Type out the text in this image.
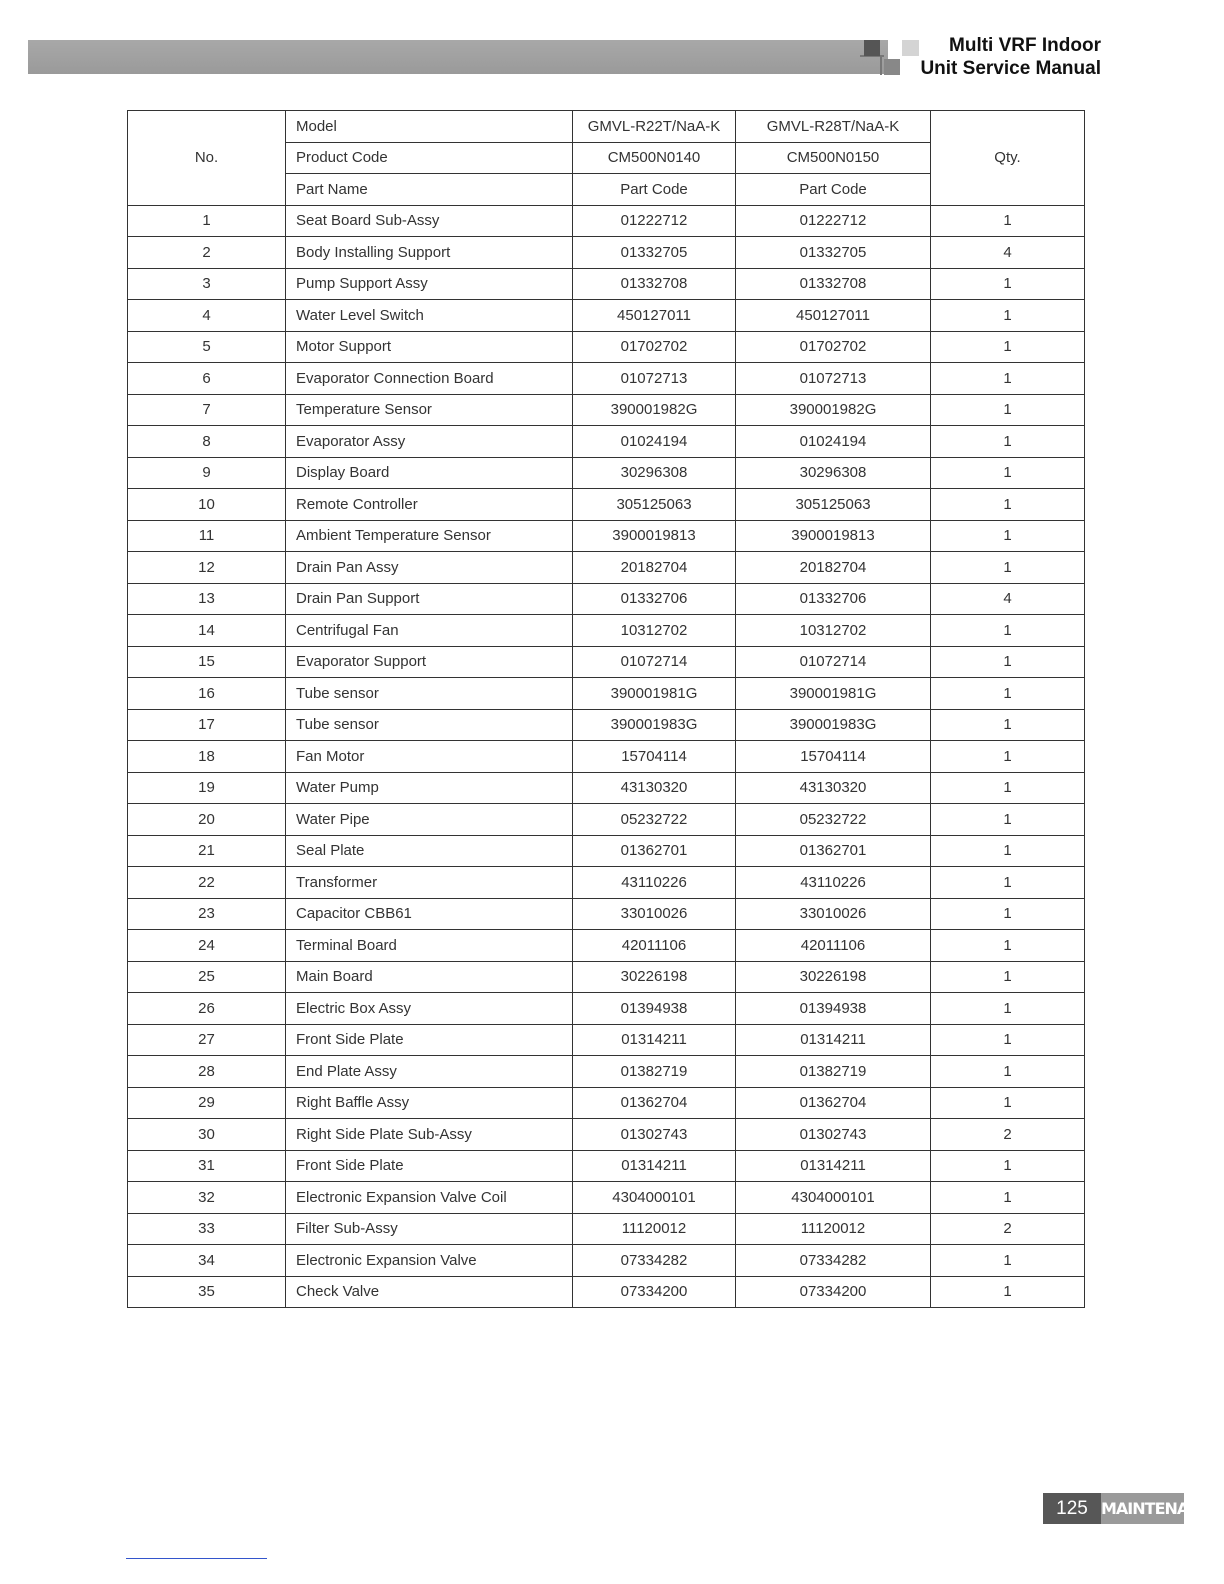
Multi VRF Indoor
Unit Service Manual
No.	Model	GMVL-R22T/NaA-K	GMVL-R28T/NaA-K	Qty.
	Product Code	CM500N0140	CM500N0150	
	Part Name	Part Code	Part Code	
1	Seat Board Sub-Assy	01222712	01222712	1
2	Body Installing Support	01332705	01332705	4
3	Pump Support Assy	01332708	01332708	1
4	Water Level Switch	450127011	450127011	1
5	Motor Support	01702702	01702702	1
6	Evaporator Connection Board	01072713	01072713	1
7	Temperature Sensor	390001982G	390001982G	1
8	Evaporator Assy	01024194	01024194	1
9	Display Board	30296308	30296308	1
10	Remote Controller	305125063	305125063	1
11	Ambient Temperature Sensor	3900019813	3900019813	1
12	Drain Pan Assy	20182704	20182704	1
13	Drain Pan Support	01332706	01332706	4
14	Centrifugal Fan	10312702	10312702	1
15	Evaporator Support	01072714	01072714	1
16	Tube sensor	390001981G	390001981G	1
17	Tube sensor	390001983G	390001983G	1
18	Fan Motor	15704114	15704114	1
19	Water Pump	43130320	43130320	1
20	Water Pipe	05232722	05232722	1
21	Seal Plate	01362701	01362701	1
22	Transformer	43110226	43110226	1
23	Capacitor CBB61	33010026	33010026	1
24	Terminal Board	42011106	42011106	1
25	Main Board	30226198	30226198	1
26	Electric Box Assy	01394938	01394938	1
27	Front Side Plate	01314211	01314211	1
28	End Plate Assy	01382719	01382719	1
29	Right Baffle Assy	01362704	01362704	1
30	Right Side Plate Sub-Assy	01302743	01302743	2
31	Front Side Plate	01314211	01314211	1
32	Electronic Expansion Valve Coil	4304000101	4304000101	1
33	Filter Sub-Assy	11120012	11120012	2
34	Electronic Expansion Valve	07334282	07334282	1
35	Check Valve	07334200	07334200	1
125 MAINTENANCE
